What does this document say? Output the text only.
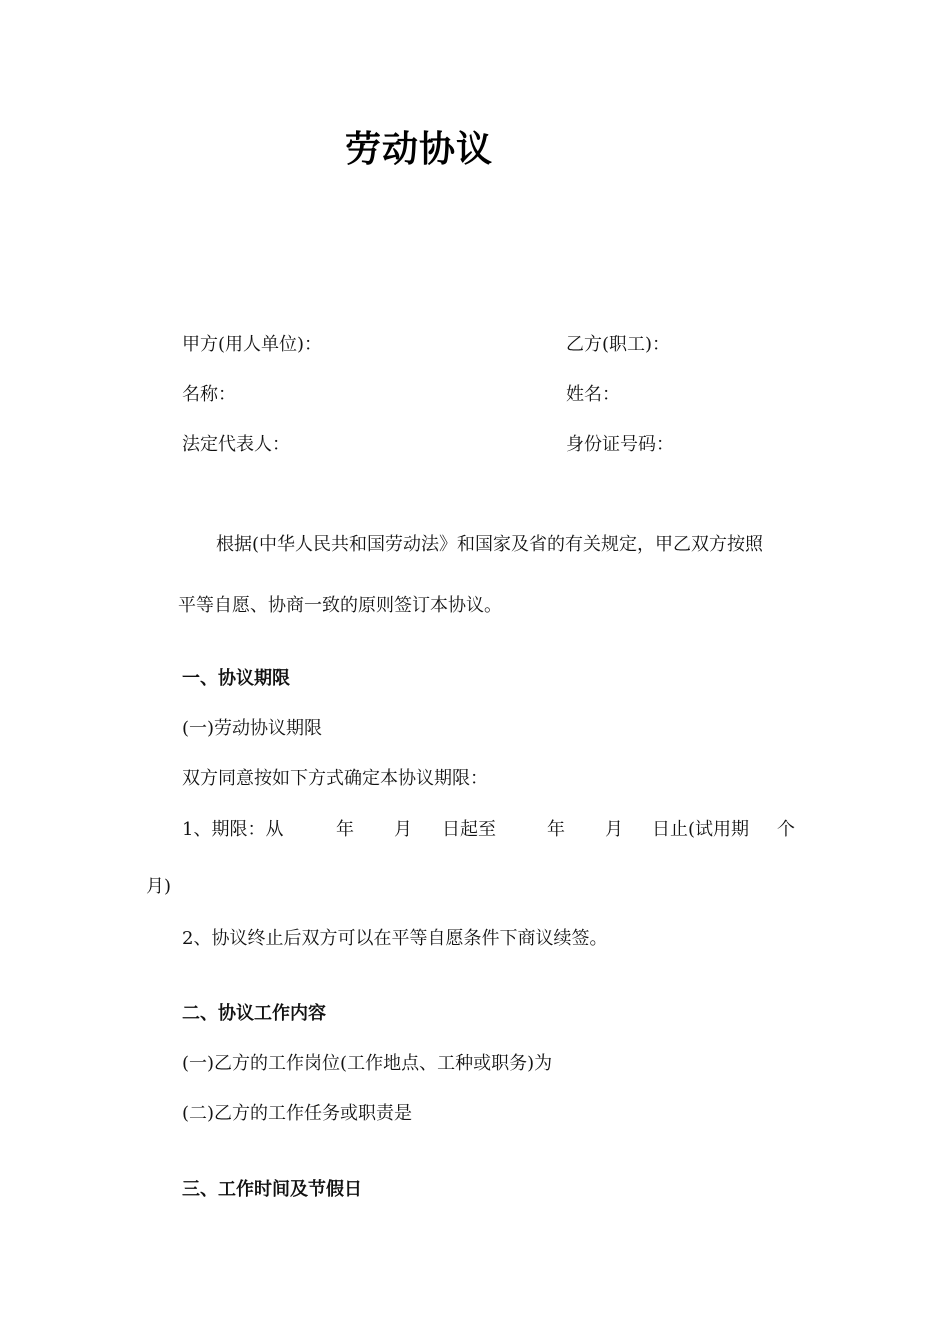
劳动协议
甲方(用人单位)：	乙方(职工)：
名称：	姓名：
法定代表人：	身份证号码：
根据(中华人民共和国劳动法》和国家及省的有关规定，甲乙双方按照
平等自愿、协商一致的原则签订本协议。
一、协议期限
(一)劳动协议期限
双方同意按如下方式确定本协议期限：
1、期限：从	年 月 日起至	年 月 日止(试用期 个
月)
2、协议终止后双方可以在平等自愿条件下商议续签。
二、协议工作内容
(一)乙方的工作岗位(工作地点、工种或职务)为
(二)乙方的工作任务或职责是
三、工作时间及节假日
